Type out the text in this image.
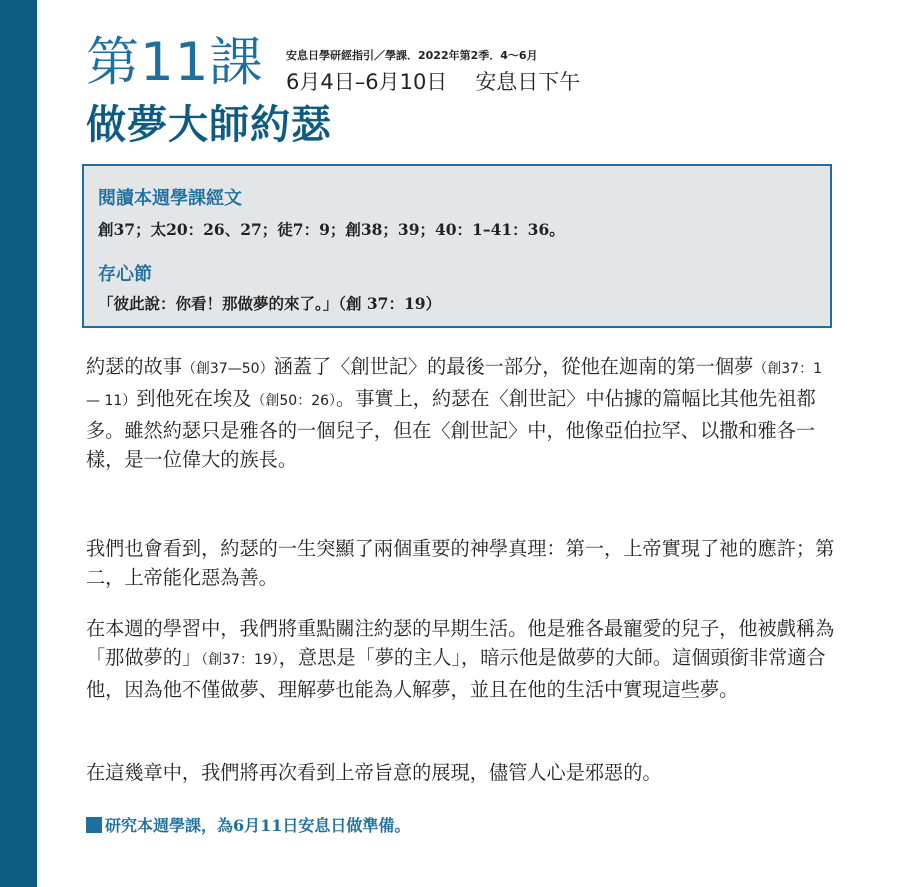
第11課 安息日學研經指引／學課．2022年第2季．4～6月
6月4日–6月10日 安息日下午
做夢大師約瑟
閱讀本週學課經文

創37；太20：26、27；徒7：9；創38；39；40：1–41：36。

存心節

「彼此說：你看！那做夢的來了。」（創 37：19）

約瑟的故事（創37—50）涵蓋了〈創世記〉的最後一部分，從他在迦南的第一個夢（創37：1 — 11）到他死在埃及（創50：26）。事實上，約瑟在〈創世記〉中佔據的篇幅比其他先祖都多。雖然約瑟只是雅各的一個兒子，但在〈創世記〉中，他像亞伯拉罕、以撒和雅各一樣，是一位偉大的族長。

我們也會看到，約瑟的一生突顯了兩個重要的神學真理：第一，上帝實現了祂的應許；第二，上帝能化惡為善。

在本週的學習中，我們將重點關注約瑟的早期生活。他是雅各最寵愛的兒子，他被戲稱為「那做夢的」（創37：19），意思是「夢的主人」，暗示他是做夢的大師。這個頭銜非常適合他，因為他不僅做夢、理解夢也能為人解夢，並且在他的生活中實現這些夢。

在這幾章中，我們將再次看到上帝旨意的展現，儘管人心是邪惡的。

研究本週學課，為6月11日安息日做準備。
